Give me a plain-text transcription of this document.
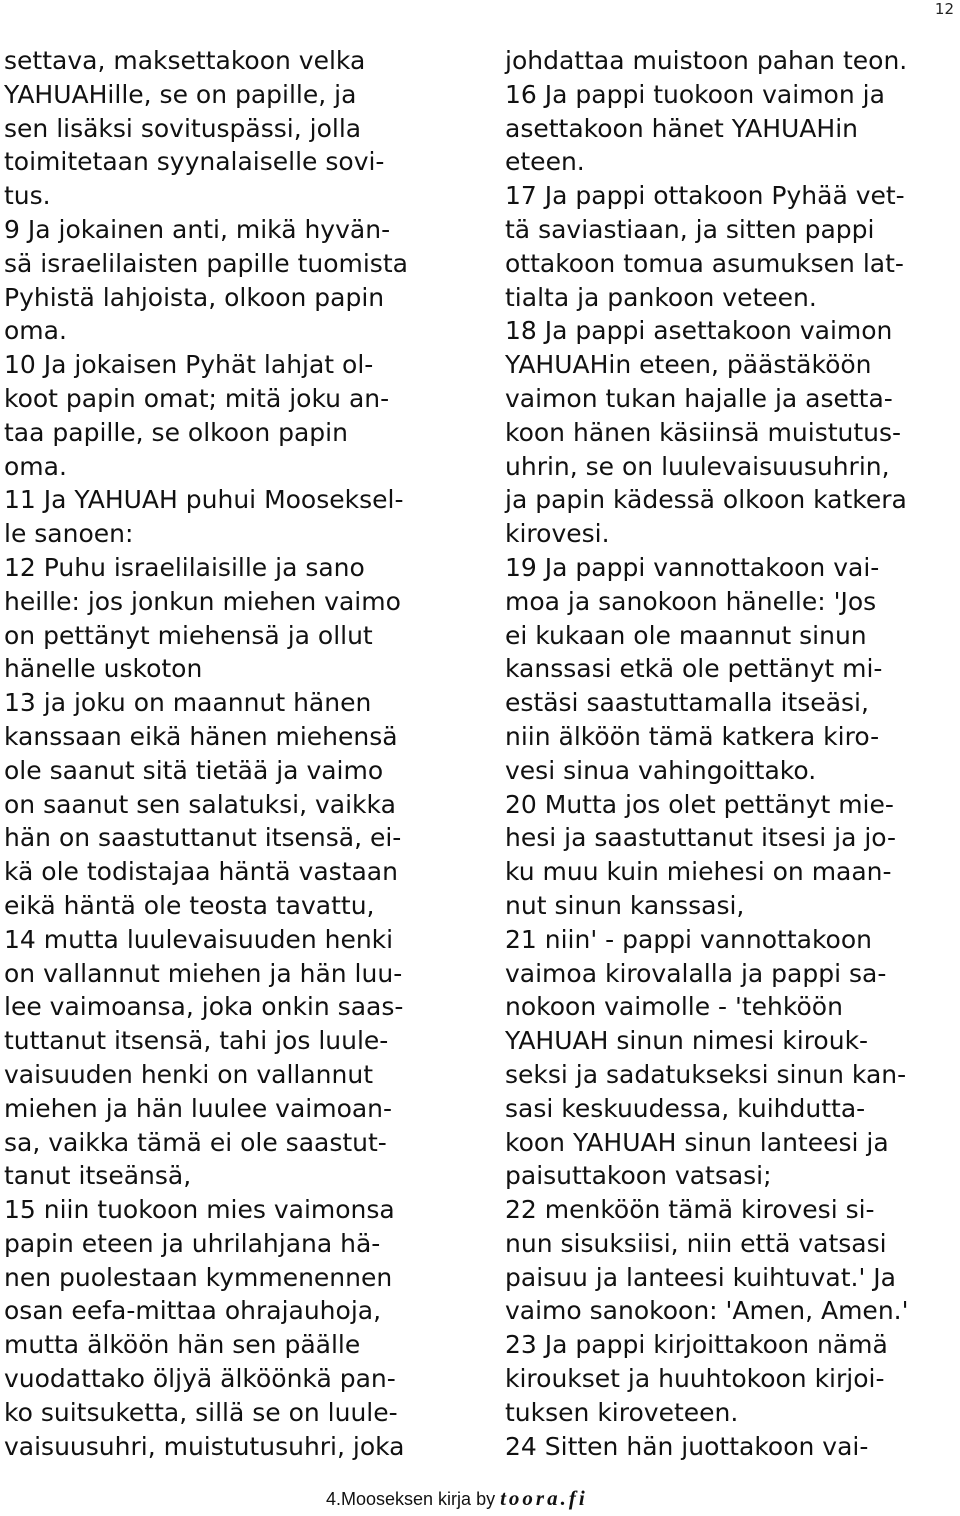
12
settava, maksettakoon velka
YAHUAHille, se on papille, ja
sen lisäksi sovituspässi, jolla
toimitetaan syynalaiselle sovi-
tus.
9 Ja jokainen anti, mikä hyvän-
sä israelilaisten papille tuomista
Pyhistä lahjoista, olkoon papin
oma.
10 Ja jokaisen Pyhät lahjat ol-
koot papin omat; mitä joku an-
taa papille, se olkoon papin
oma.
11 Ja YAHUAH puhui Mooseksel-
le sanoen:
12 Puhu israelilaisille ja sano
heille: jos jonkun miehen vaimo
on pettänyt miehensä ja ollut
hänelle uskoton
13 ja joku on maannut hänen
kanssaan eikä hänen miehensä
ole saanut sitä tietää ja vaimo
on saanut sen salatuksi, vaikka
hän on saastuttanut itsensä, ei-
kä ole todistajaa häntä vastaan
eikä häntä ole teosta tavattu,
14 mutta luulevaisuuden henki
on vallannut miehen ja hän luu-
lee vaimoansa, joka onkin saas-
tuttanut itsensä, tahi jos luule-
vaisuuden henki on vallannut
miehen ja hän luulee vaimoan-
sa, vaikka tämä ei ole saastut-
tanut itseänsä,
15 niin tuokoon mies vaimonsa
papin eteen ja uhrilahjana hä-
nen puolestaan kymmenennen
osan eefa-mittaa ohrajauhoja,
mutta älköön hän sen päälle
vuodattako öljyä älköönkä pan-
ko suitsuketta, sillä se on luule-
vaisuusuhri, muistutusuhri, joka
johdattaa muistoon pahan teon.
16 Ja pappi tuokoon vaimon ja
asettakoon hänet YAHUAHin
eteen.
17 Ja pappi ottakoon Pyhää vet-
tä saviastiaan, ja sitten pappi
ottakoon tomua asumuksen lat-
tialta ja pankoon veteen.
18 Ja pappi asettakoon vaimon
YAHUAHin eteen, päästäköön
vaimon tukan hajalle ja asetta-
koon hänen käsiinsä muistutus-
uhrin, se on luulevaisuusuhrin,
ja papin kädessä olkoon katkera
kirovesi.
19 Ja pappi vannottakoon vai-
moa ja sanokoon hänelle: 'Jos
ei kukaan ole maannut sinun
kanssasi etkä ole pettänyt mi-
estäsi saastuttamalla itseäsi,
niin älköön tämä katkera kiro-
vesi sinua vahingoittako.
20 Mutta jos olet pettänyt mie-
hesi ja saastuttanut itsesi ja jo-
ku muu kuin miehesi on maan-
nut sinun kanssasi,
21 niin' - pappi vannottakoon
vaimoa kirovalalla ja pappi sa-
nokoon vaimolle - 'tehköön
YAHUAH sinun nimesi kirouk-
seksi ja sadatukseksi sinun kan-
sasi keskuudessa, kuihdutta-
koon YAHUAH sinun lanteesi ja
paisuttakoon vatsasi;
22 menköön tämä kirovesi si-
nun sisuksiisi, niin että vatsasi
paisuu ja lanteesi kuihtuvat.' Ja
vaimo sanokoon: 'Amen, Amen.'
23 Ja pappi kirjoittakoon nämä
kiroukset ja huuhtokoon kirjoi-
tuksen kiroveteen.
24 Sitten hän juottakoon vai-
4.Mooseksen kirja by toora.fi
